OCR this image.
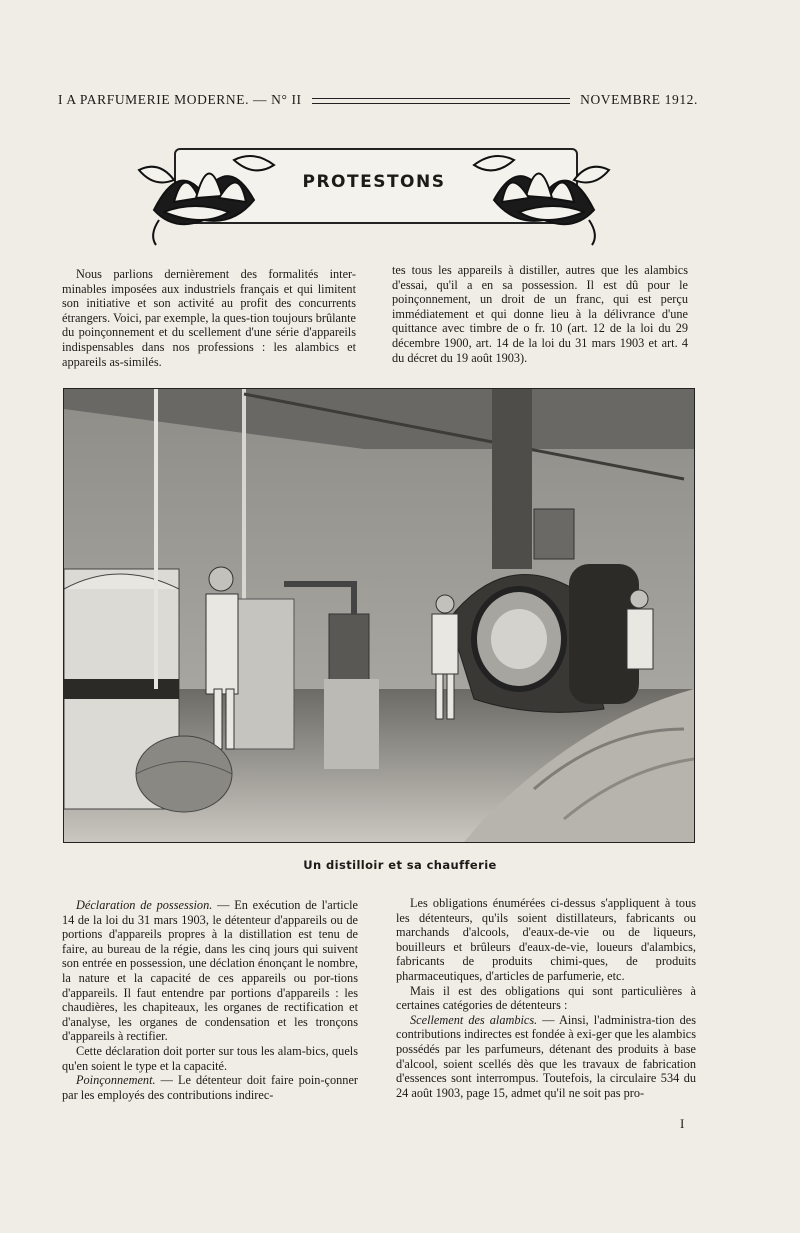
I A PARFUMERIE MODERNE. — N° II	NOVEMBRE 1912.
PROTESTONS

Nous parlions dernièrement des formalités inter-minables imposées aux industriels français et qui limitent son initiative et son activité au profit des concurrents étrangers. Voici, par exemple, la ques-tion toujours brûlante du poinçonnement et du scellement d'une série d'appareils indispensables dans nos professions : les alambics et appareils as-similés.

tes tous les appareils à distiller, autres que les alambics d'essai, qu'il a en sa possession. Il est dû pour le poinçonnement, un droit de un franc, qui est perçu immédiatement et qui donne lieu à la délivrance d'une quittance avec timbre de o fr. 10 (art. 12 de la loi du 29 décembre 1900, art. 14 de la loi du 31 mars 1903 et art. 4 du décret du 19 août 1903).

Un distilloir et sa chaufferie

Déclaration de possession. — En exécution de l'article 14 de la loi du 31 mars 1903, le détenteur d'appareils ou de portions d'appareils propres à la distillation est tenu de faire, au bureau de la régie, dans les cinq jours qui suivent son entrée en possession, une déclation énonçant le nombre, la nature et la capacité de ces appareils ou por-tions d'appareils. Il faut entendre par portions d'appareils : les chaudières, les chapiteaux, les organes de rectification et d'analyse, les organes de condensation et les tronçons d'appareils à rectifier.

Cette déclaration doit porter sur tous les alam-bics, quels qu'en soient le type et la capacité.

Poinçonnement. — Le détenteur doit faire poin-çonner par les employés des contributions indirec-

Les obligations énumérées ci-dessus s'appliquent à tous les détenteurs, qu'ils soient distillateurs, fabricants ou marchands d'alcools, d'eaux-de-vie ou de liqueurs, bouilleurs et brûleurs d'eaux-de-vie, loueurs d'alambics, fabricants de produits chimi-ques, de produits pharmaceutiques, d'articles de parfumerie, etc.

Mais il est des obligations qui sont particulières à certaines catégories de détenteurs :

Scellement des alambics. — Ainsi, l'administra-tion des contributions indirectes est fondée à exi-ger que les alambics possédés par les parfumeurs, détenant des produits à base d'alcool, soient scellés dès que les travaux de fabrication d'essences sont interrompus. Toutefois, la circulaire 534 du 24 août 1903, page 15, admet qu'il ne soit pas pro-

I
